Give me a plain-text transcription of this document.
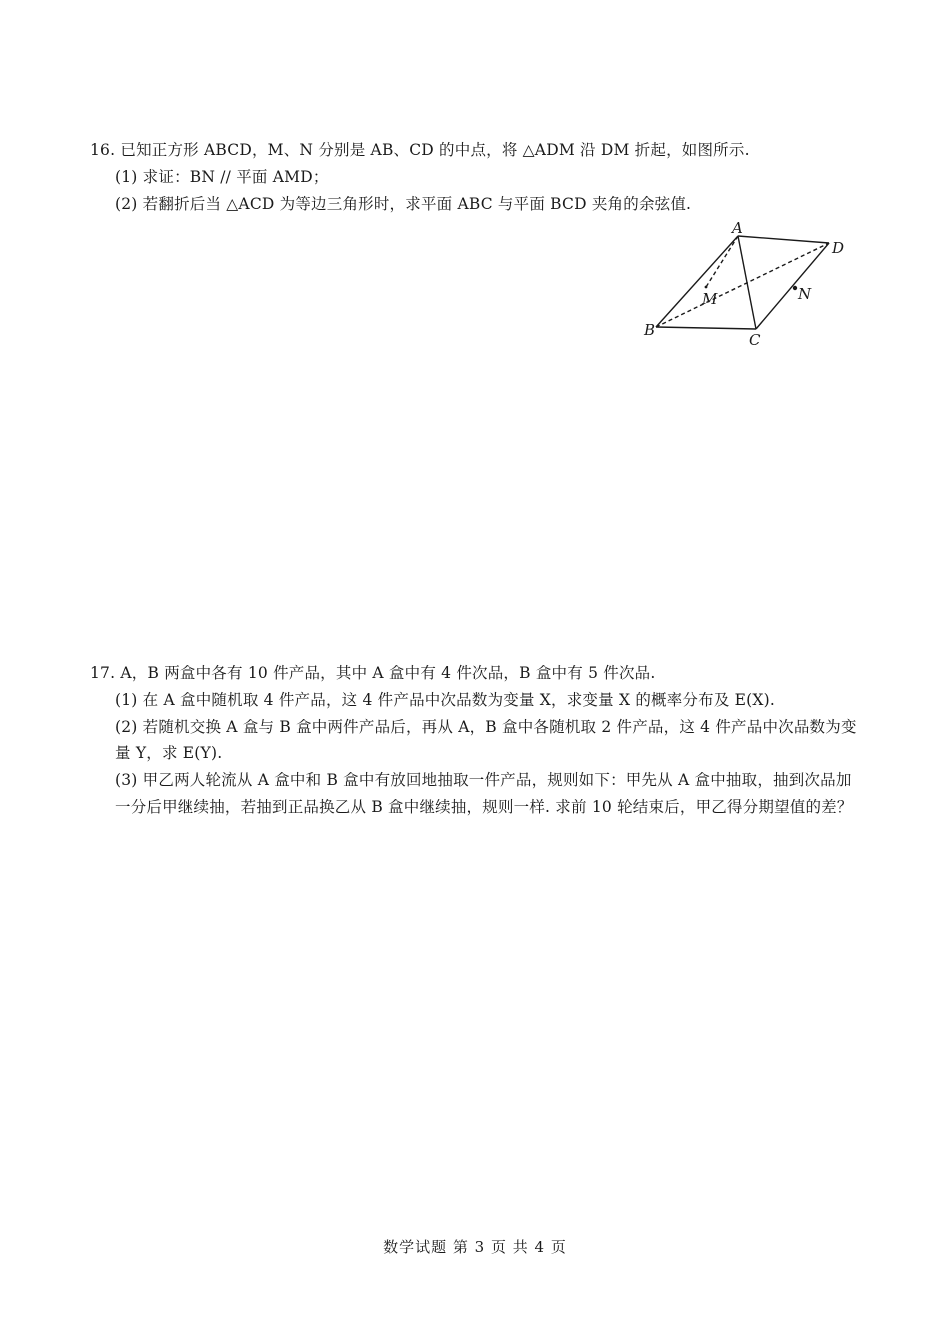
16. 已知正方形 ABCD，M、N 分别是 AB、CD 的中点，将 △ADM 沿 DM 折起，如图所示.
(1) 求证：BN // 平面 AMD；
(2) 若翻折后当 △ACD 为等边三角形时，求平面 ABC 与平面 BCD 夹角的余弦值.
A
D
M	N
B
C
17. A，B 两盒中各有 10 件产品，其中 A 盒中有 4 件次品，B 盒中有 5 件次品.
(1) 在 A 盒中随机取 4 件产品，这 4 件产品中次品数为变量 X，求变量 X 的概率分布及 E(X).
(2) 若随机交换 A 盒与 B 盒中两件产品后，再从 A，B 盒中各随机取 2 件产品，这 4 件产品中次品数为变
量 Y，求 E(Y).
(3) 甲乙两人轮流从 A 盒中和 B 盒中有放回地抽取一件产品，规则如下：甲先从 A 盒中抽取，抽到次品加
一分后甲继续抽，若抽到正品换乙从 B 盒中继续抽，规则一样. 求前 10 轮结束后，甲乙得分期望值的差？
数学试题 第 3 页 共 4 页
